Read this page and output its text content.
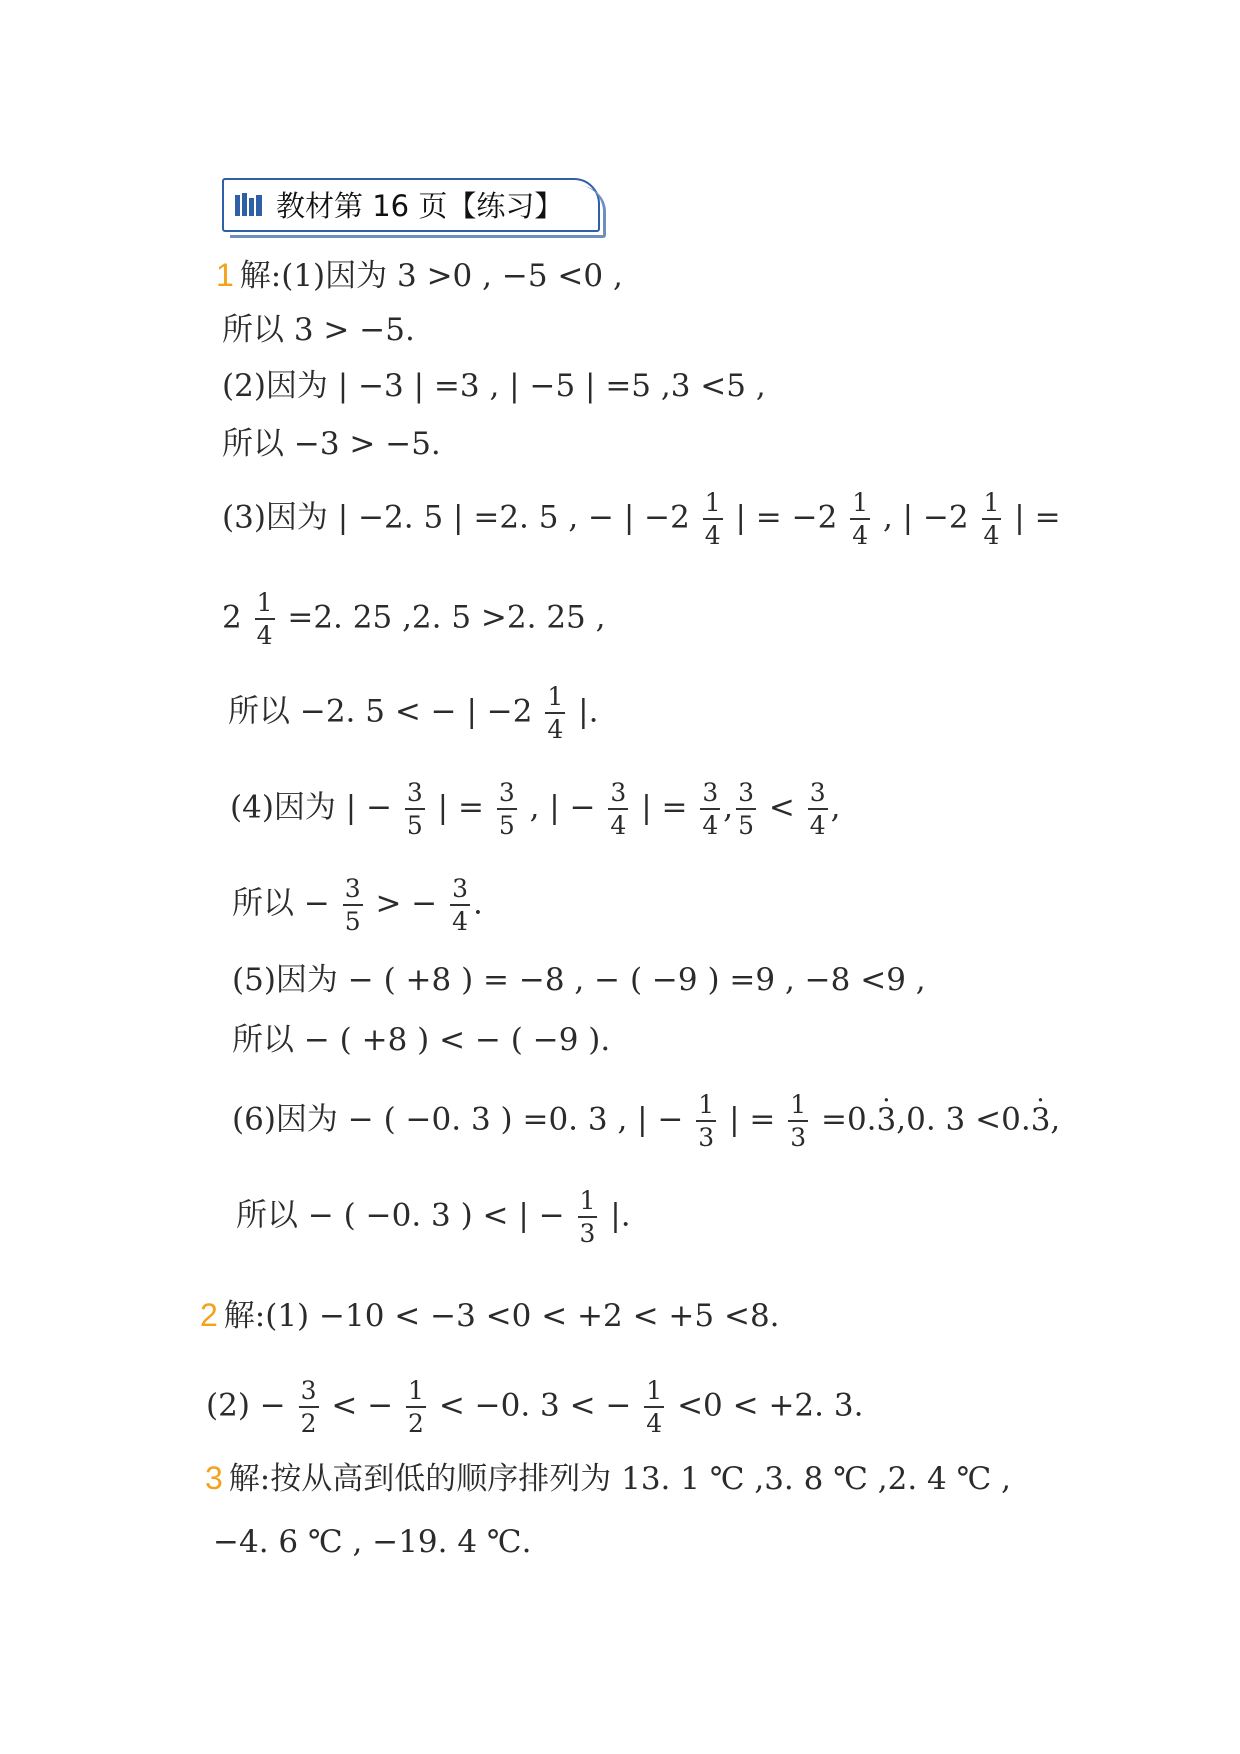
教材第 16 页【练习】
1 解:(1)因为 3 >0 , −5 <0 ,
所以 3 > −5.
(2)因为 | −3 | =3 , | −5 | =5 ,3 <5 ,
所以 −3 > −5.
(3)因为 | −2. 5 | =2. 5 , − | $-2 \frac{1}{4}$ | = $-2 \frac{1}{4}$ , | $-2 \frac{1}{4}$ | =
$2 \frac{1}{4} =2$. 25 ,2. 5 >2. 25 ,
所以 −2. 5 < − | $-2 \frac{1}{4}$ |.
(4)因为 | − $\frac{3}{5}$ | = $\frac{3}{5}$ , | − $\frac{3}{4}$ | = $\frac{3}{4}$ , $\frac{3}{5} < \frac{3}{4}$ ,
所以 − $\frac{3}{5}$ > − $\frac{3}{4}$ .
(5)因为 − ( +8 ) = −8 , − ( −9 ) =9 , −8 <9 ,
所以 − ( +8 ) < − ( −9 ).
(6)因为 − ( −0. 3 ) =0. 3 , | − $\frac{1}{3}$ | = $\frac{1}{3} =0.3 \cdot,0$. 3 <0.3 ·,
所以 − ( −0. 3 ) < | − $\frac{1}{3}$ |.
2 解:(1) −10 < −3 <0 < +2 < +5 <8.
$(2) - \frac{3}{2}$ < − $\frac{1}{2} < -0$. 3 < − $\frac{1}{4} <0 < +2$. 3.
3 解:按从高到低的顺序排列为 13. 1 ℃ ,3. 8 ℃ ,2. 4 ℃ ,
−4. 6 ℃ , −19. 4 ℃.
